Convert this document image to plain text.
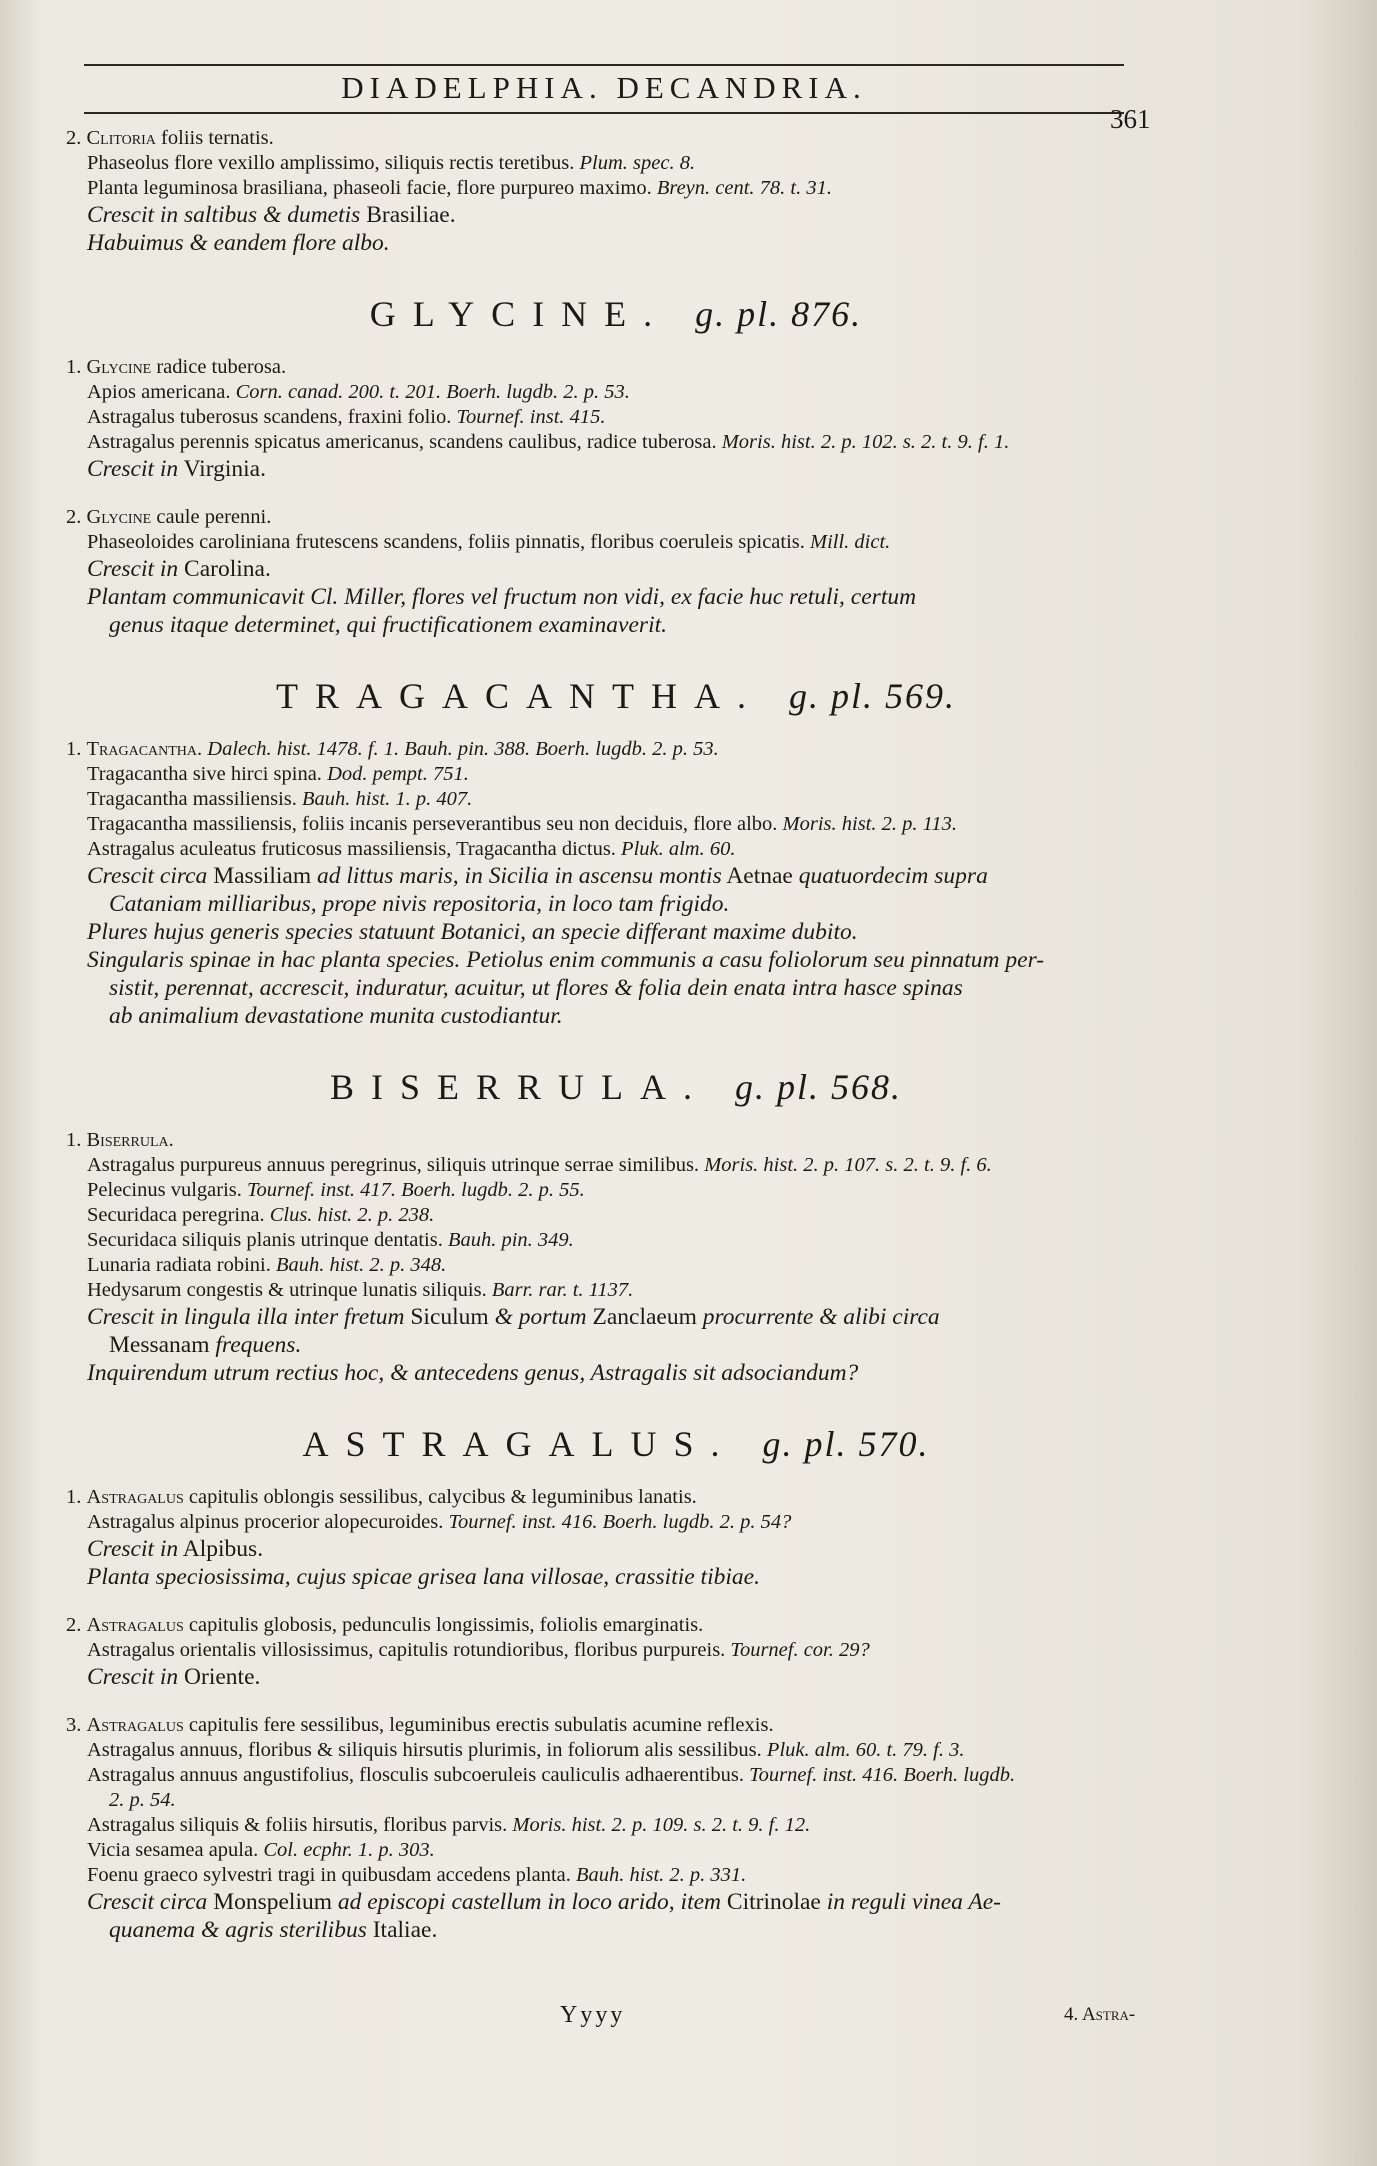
DIADELPHIA. DECANDRIA.
361
2. Clitoria foliis ternatis.
Phaseolus flore vexillo amplissimo, siliquis rectis teretibus. Plum. spec. 8.
Planta leguminosa brasiliana, phaseoli facie, flore purpureo maximo. Breyn. cent. 78. t. 31.
Crescit in saltibus & dumetis Brasiliae.
Habuimus & eandem flore albo.
GLYCINE. g. pl. 876.
1. Glycine radice tuberosa.
Apios americana. Corn. canad. 200. t. 201. Boerh. lugdb. 2. p. 53.
Astragalus tuberosus scandens, fraxini folio. Tournef. inst. 415.
Astragalus perennis spicatus americanus, scandens caulibus, radice tuberosa. Moris. hist. 2. p. 102. s. 2. t. 9. f. 1.
Crescit in Virginia.
2. Glycine caule perenni.
Phaseoloides caroliniana frutescens scandens, foliis pinnatis, floribus coeruleis spicatis. Mill. dict.
Crescit in Carolina.
Plantam communicavit Cl. Miller, flores vel fructum non vidi, ex facie huc retuli, certum
genus itaque determinet, qui fructificationem examinaverit.
TRAGACANTHA. g. pl. 569.
1. Tragacantha. Dalech. hist. 1478. f. 1. Bauh. pin. 388. Boerh. lugdb. 2. p. 53.
Tragacantha sive hirci spina. Dod. pempt. 751.
Tragacantha massiliensis. Bauh. hist. 1. p. 407.
Tragacantha massiliensis, foliis incanis perseverantibus seu non deciduis, flore albo. Moris. hist. 2. p. 113.
Astragalus aculeatus fruticosus massiliensis, Tragacantha dictus. Pluk. alm. 60.
Crescit circa Massiliam ad littus maris, in Sicilia in ascensu montis Aetnae quatuordecim supra
Cataniam milliaribus, prope nivis repositoria, in loco tam frigido.
Plures hujus generis species statuunt Botanici, an specie differant maxime dubito.
Singularis spinae in hac planta species. Petiolus enim communis a casu foliolorum seu pinnatum per-
sistit, perennat, accrescit, induratur, acuitur, ut flores & folia dein enata intra hasce spinas
ab animalium devastatione munita custodiantur.
BISERRULA. g. pl. 568.
1. Biserrula.
Astragalus purpureus annuus peregrinus, siliquis utrinque serrae similibus. Moris. hist. 2. p. 107. s. 2. t. 9. f. 6.
Pelecinus vulgaris. Tournef. inst. 417. Boerh. lugdb. 2. p. 55.
Securidaca peregrina. Clus. hist. 2. p. 238.
Securidaca siliquis planis utrinque dentatis. Bauh. pin. 349.
Lunaria radiata robini. Bauh. hist. 2. p. 348.
Hedysarum congestis & utrinque lunatis siliquis. Barr. rar. t. 1137.
Crescit in lingula illa inter fretum Siculum & portum Zanclaeum procurrente & alibi circa
Messanam frequens.
Inquirendum utrum rectius hoc, & antecedens genus, Astragalis sit adsociandum?
ASTRAGALUS. g. pl. 570.
1. Astragalus capitulis oblongis sessilibus, calycibus & leguminibus lanatis.
Astragalus alpinus procerior alopecuroides. Tournef. inst. 416. Boerh. lugdb. 2. p. 54?
Crescit in Alpibus.
Planta speciosissima, cujus spicae grisea lana villosae, crassitie tibiae.
2. Astragalus capitulis globosis, pedunculis longissimis, foliolis emarginatis.
Astragalus orientalis villosissimus, capitulis rotundioribus, floribus purpureis. Tournef. cor. 29?
Crescit in Oriente.
3. Astragalus capitulis fere sessilibus, leguminibus erectis subulatis acumine reflexis.
Astragalus annuus, floribus & siliquis hirsutis plurimis, in foliorum alis sessilibus. Pluk. alm. 60. t. 79. f. 3.
Astragalus annuus angustifolius, flosculis subcoeruleis cauliculis adhaerentibus. Tournef. inst. 416. Boerh. lugdb.
2. p. 54.
Astragalus siliquis & foliis hirsutis, floribus parvis. Moris. hist. 2. p. 109. s. 2. t. 9. f. 12.
Vicia sesamea apula. Col. ecphr. 1. p. 303.
Foenu graeco sylvestri tragi in quibusdam accedens planta. Bauh. hist. 2. p. 331.
Crescit circa Monspelium ad episcopi castellum in loco arido, item Citrinolae in reguli vinea Ae-
quanema & agris sterilibus Italiae.
Yyyy	4. Astra-
